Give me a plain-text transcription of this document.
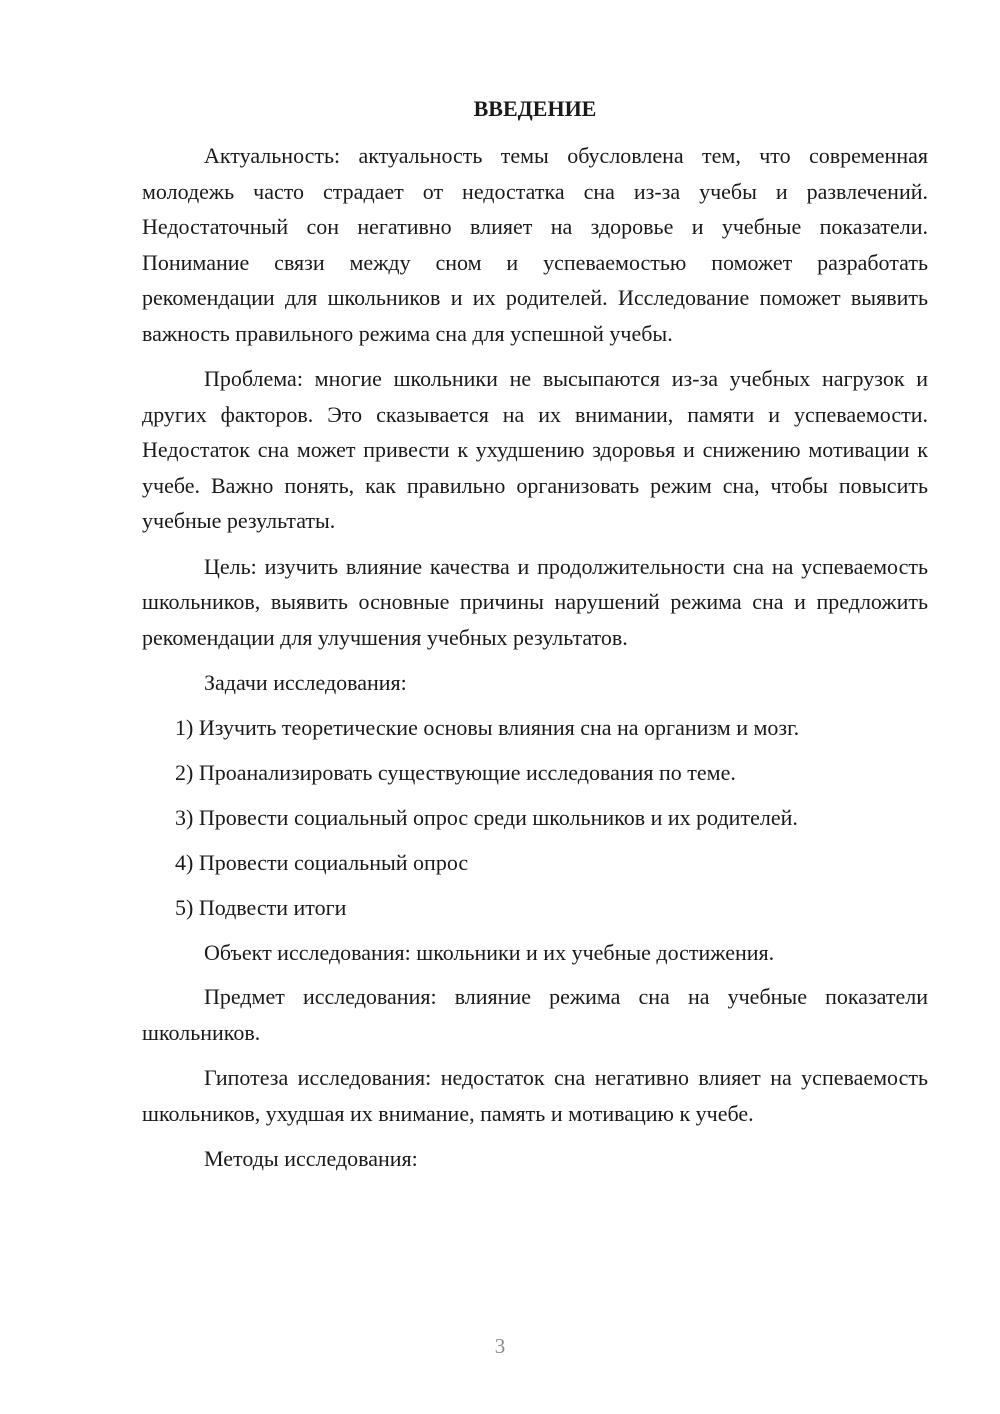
ВВЕДЕНИЕ

Актуальность: актуальность темы обусловлена тем, что современная молодежь часто страдает от недостатка сна из-за учебы и развлечений. Недостаточный сон негативно влияет на здоровье и учебные показатели. Понимание связи между сном и успеваемостью поможет разработать рекомендации для школьников и их родителей. Исследование поможет выявить важность правильного режима сна для успешной учебы.

Проблема: многие школьники не высыпаются из-за учебных нагрузок и других факторов. Это сказывается на их внимании, памяти и успеваемости. Недостаток сна может привести к ухудшению здоровья и снижению мотивации к учебе. Важно понять, как правильно организовать режим сна, чтобы повысить учебные результаты.

Цель: изучить влияние качества и продолжительности сна на успеваемость школьников, выявить основные причины нарушений режима сна и предложить рекомендации для улучшения учебных результатов.

Задачи исследования:

1) Изучить теоретические основы влияния сна на организм и мозг.
2) Проанализировать существующие исследования по теме.
3) Провести социальный опрос среди школьников и их родителей.
4) Провести социальный опрос
5) Подвести итоги

Объект исследования: школьники и их учебные достижения.

Предмет исследования: влияние режима сна на учебные показатели школьников.

Гипотеза исследования: недостаток сна негативно влияет на успеваемость школьников, ухудшая их внимание, память и мотивацию к учебе.

Методы исследования:

3
